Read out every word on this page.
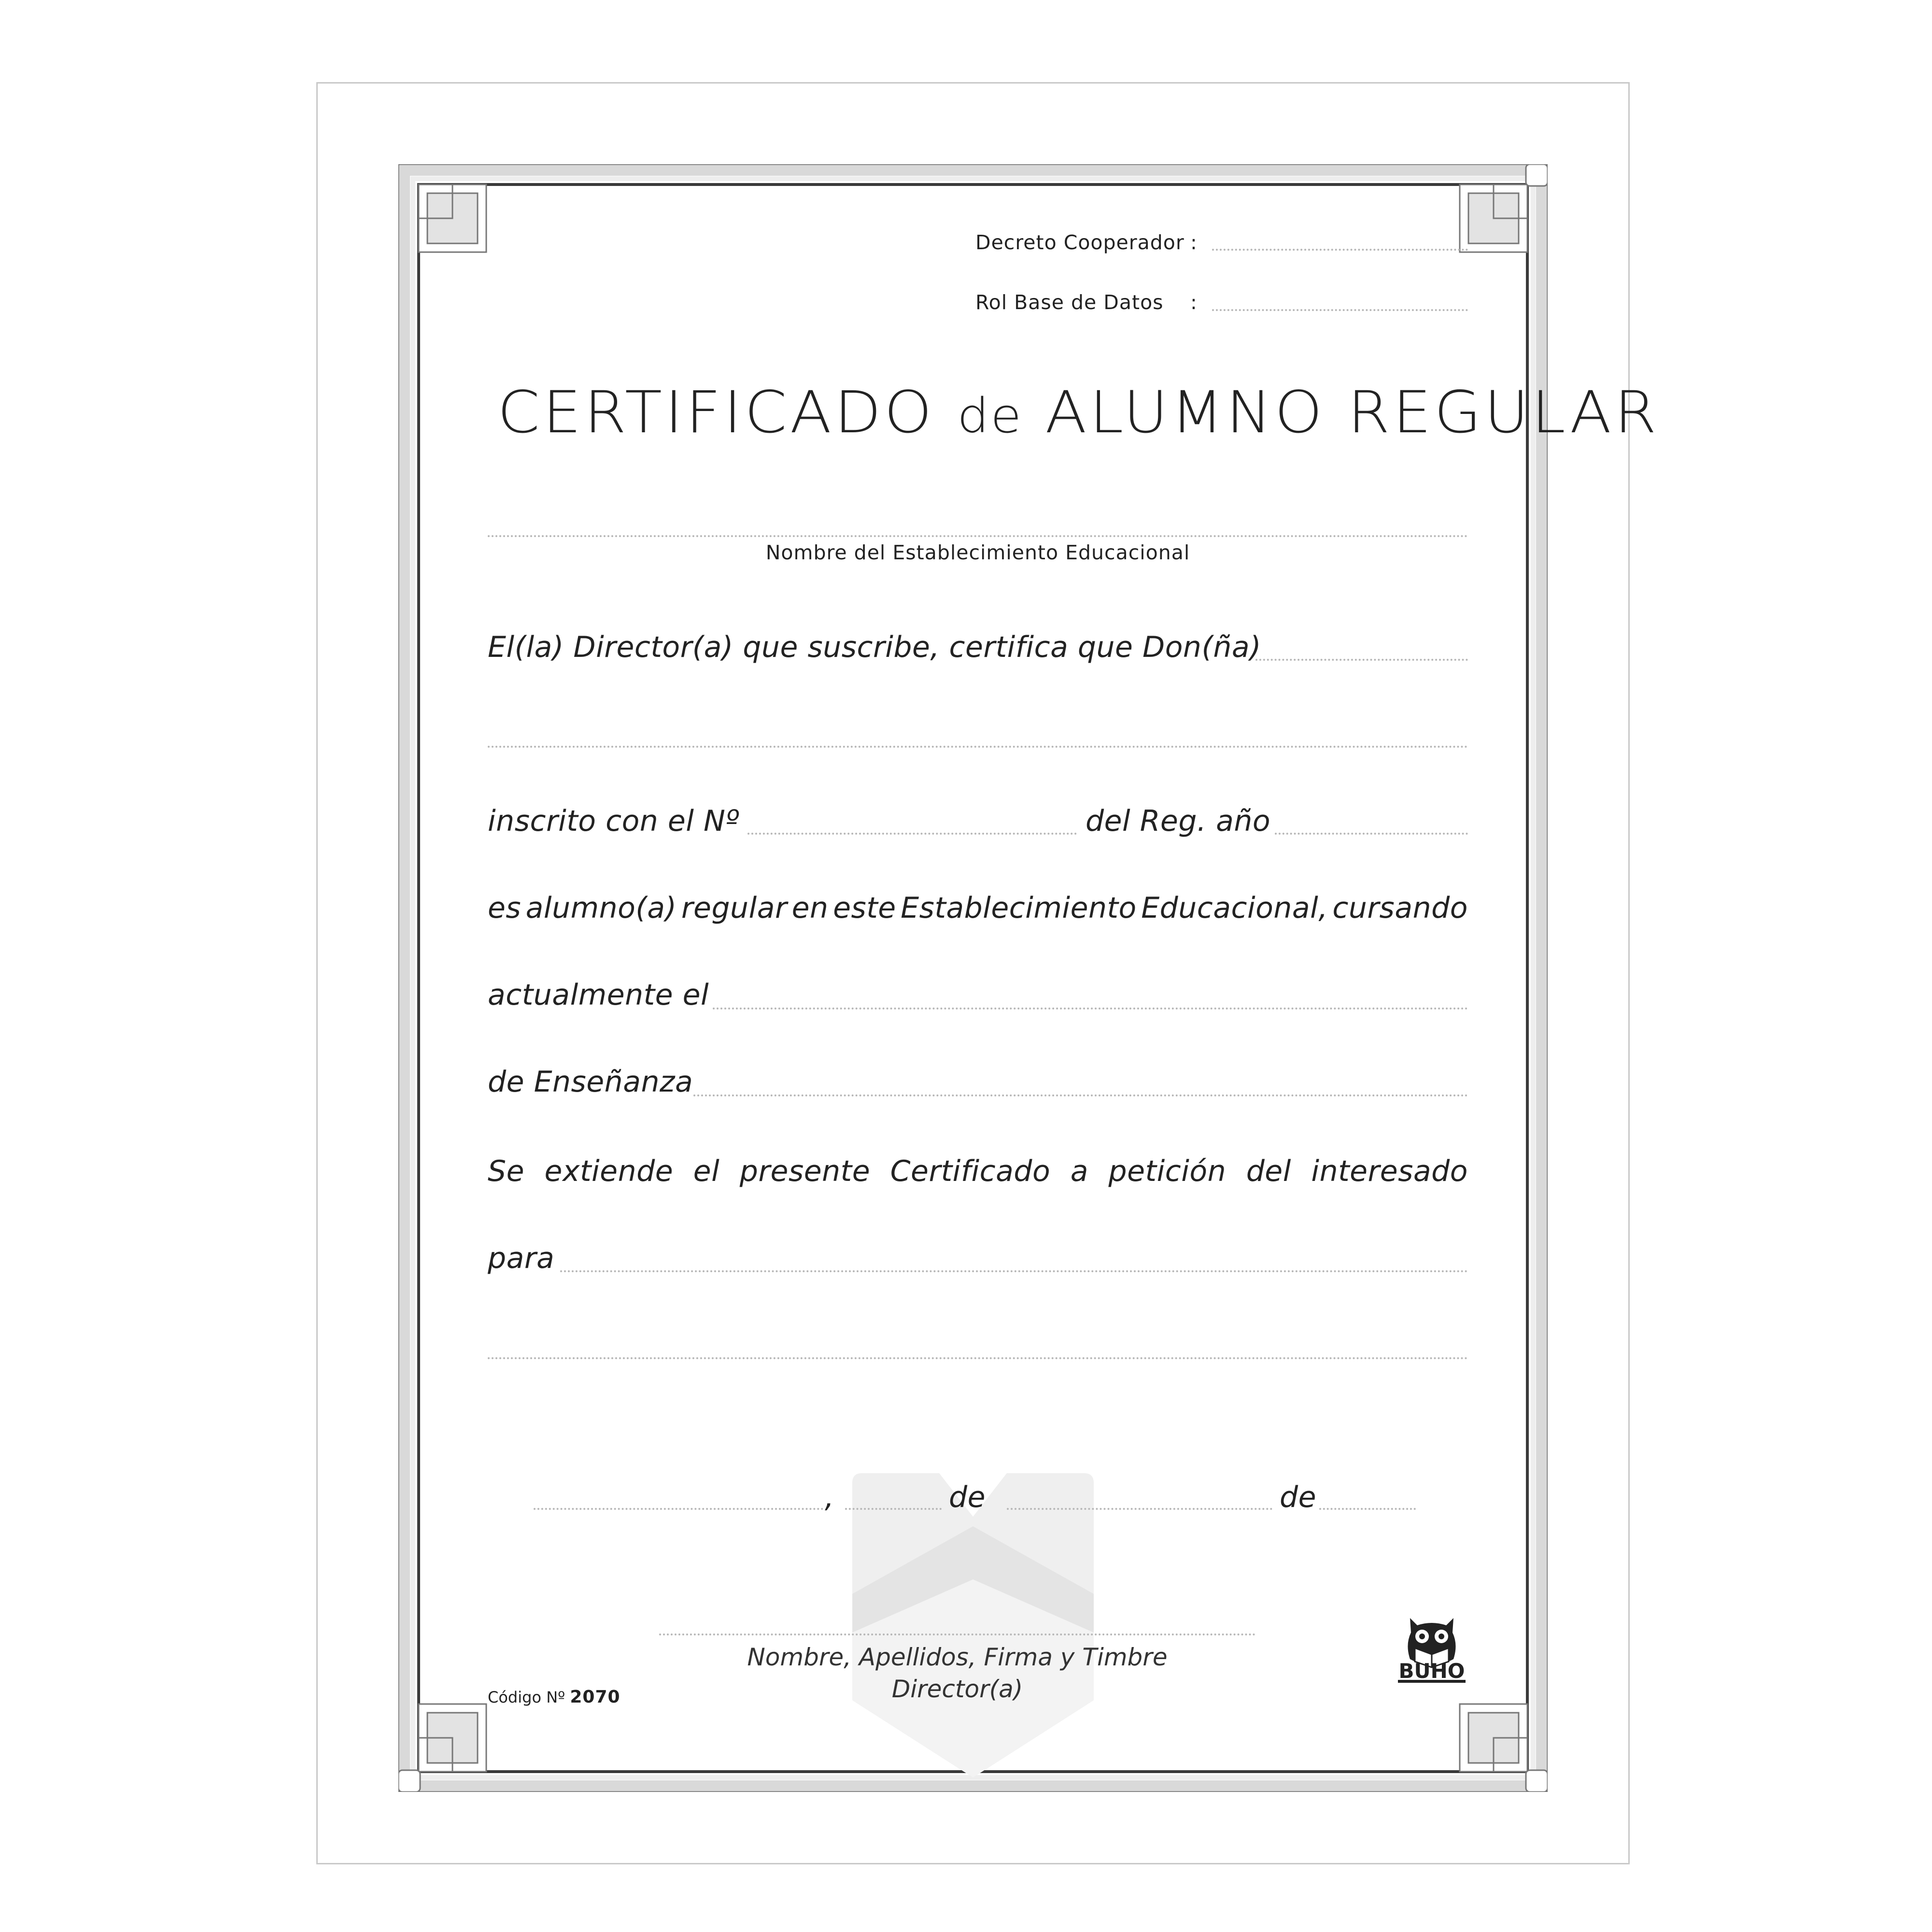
Decreto Cooperador :
Rol Base de Datos :
CERTIFICADO de ALUMNO REGULAR
Nombre del Establecimiento Educacional
El(la) Director(a) que suscribe, certifica que Don(ña)
inscrito con el Nº	del Reg. año
es alumno(a) regular en este Establecimiento Educacional, cursando
actualmente el
de Enseñanza
Se extiende el presente Certificado a petición del interesado
para
,	de	de
Nombre, Apellidos, Firma y Timbre
Director(a)
Código Nº 2070
BUHO
